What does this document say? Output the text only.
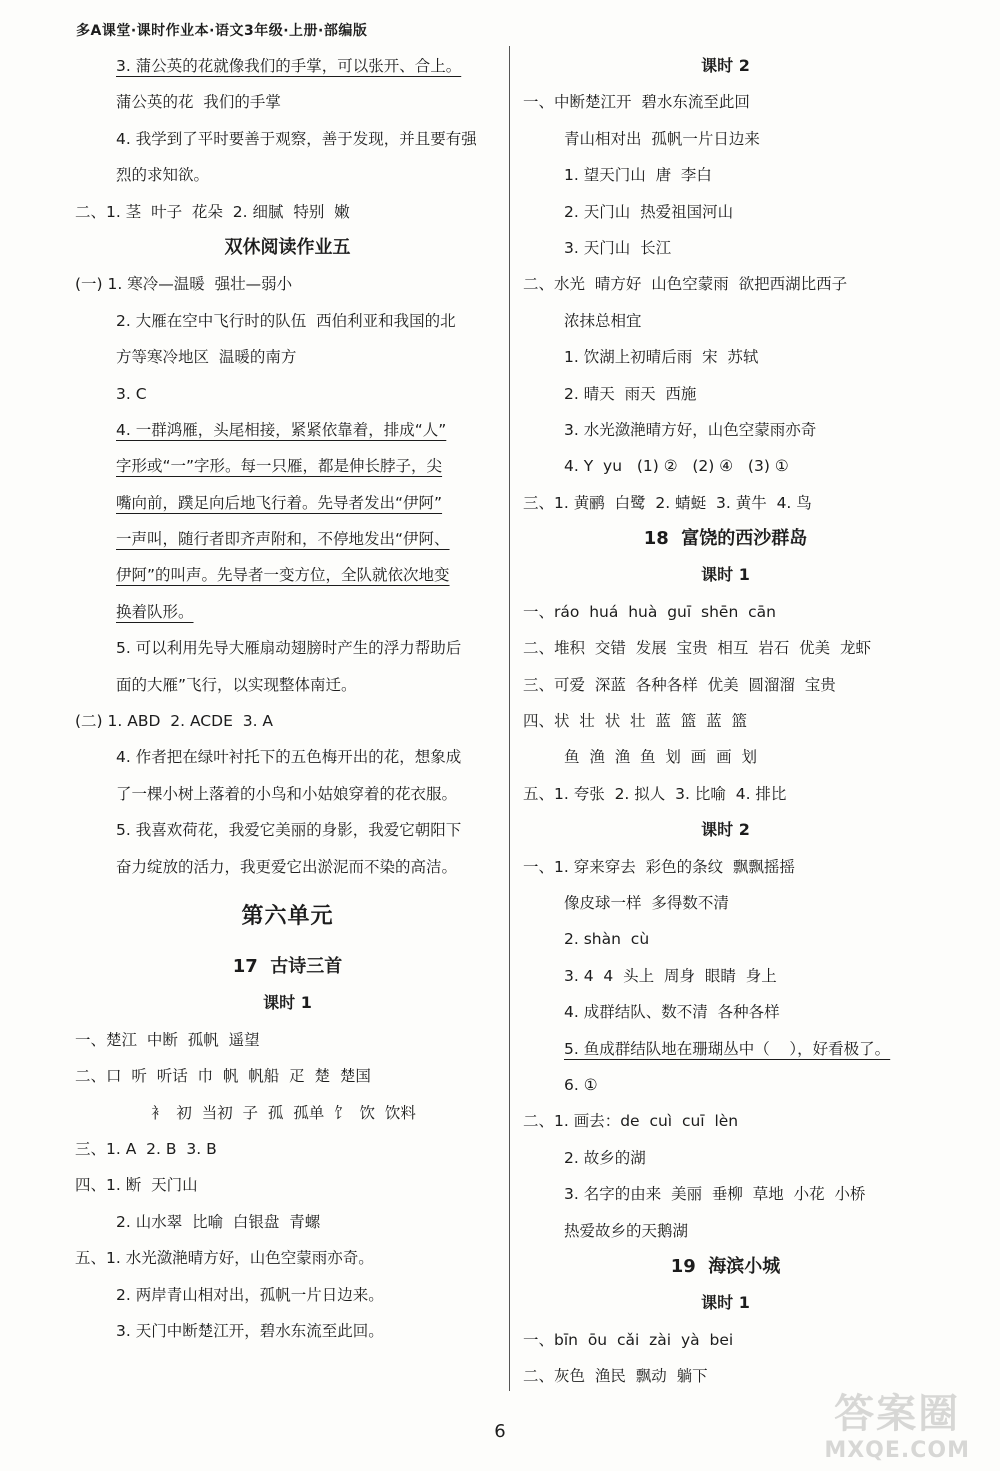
多A课堂·课时作业本·语文3年级·上册·部编版
3. 蒲公英的花就像我们的手掌，可以张开、合上。
蒲公英的花  我们的手掌
4. 我学到了平时要善于观察，善于发现，并且要有强
烈的求知欲。
二、1. 茎  叶子  花朵  2. 细腻  特别  嫩
双休阅读作业五
(一) 1. 寒冷—温暖  强壮—弱小
2. 大雁在空中飞行时的队伍  西伯利亚和我国的北
方等寒冷地区  温暖的南方
3. C
4. 一群鸿雁，头尾相接，紧紧依靠着，排成“人”
字形或“一”字形。每一只雁，都是伸长脖子，尖
嘴向前，蹼足向后地飞行着。先导者发出“伊阿”
一声叫，随行者即齐声附和，不停地发出“伊阿、
伊阿”的叫声。先导者一变方位，全队就依次地变
换着队形。
5. 可以利用先导大雁扇动翅膀时产生的浮力帮助后
面的大雁”飞行，以实现整体南迁。
(二) 1. ABD  2. ACDE  3. A
4. 作者把在绿叶衬托下的五色梅开出的花，想象成
了一棵小树上落着的小鸟和小姑娘穿着的花衣服。
5. 我喜欢荷花，我爱它美丽的身影，我爱它朝阳下
奋力绽放的活力，我更爱它出淤泥而不染的高洁。
第六单元
17  古诗三首
课时 1
一、楚江  中断  孤帆  遥望
二、口  听  听话  巾  帆  帆船  疋  楚  楚国
衤  初  当初  子  孤  孤单  饣  饮  饮料
三、1. A  2. B  3. B
四、1. 断  天门山
2. 山水翠  比喻  白银盘  青螺
五、1. 水光潋滟晴方好，山色空蒙雨亦奇。
2. 两岸青山相对出，孤帆一片日边来。
3. 天门中断楚江开，碧水东流至此回。
课时 2
一、中断楚江开  碧水东流至此回
青山相对出  孤帆一片日边来
1. 望天门山  唐  李白
2. 天门山  热爱祖国河山
3. 天门山  长江
二、水光  晴方好  山色空蒙雨  欲把西湖比西子
浓抹总相宜
1. 饮湖上初晴后雨  宋  苏轼
2. 晴天  雨天  西施
3. 水光潋滟晴方好，山色空蒙雨亦奇
4. Y  yu   (1) ②   (2) ④   (3) ①
三、1. 黄鹂  白鹭  2. 蜻蜓  3. 黄牛  4. 鸟
18  富饶的西沙群岛
课时 1
一、ráo  huá  huà  guī  shēn  cān
二、堆积  交错  发展  宝贵  相互  岩石  优美  龙虾
三、可爱  深蓝  各种各样  优美  圆溜溜  宝贵
四、状  壮  状  壮  蓝  篮  蓝  篮
鱼  渔  渔  鱼  划  画  画  划
五、1. 夸张  2. 拟人  3. 比喻  4. 排比
课时 2
一、1. 穿来穿去  彩色的条纹  飘飘摇摇
像皮球一样  多得数不清
2. shàn  cù
3. 4  4  头上  周身  眼睛  身上
4. 成群结队、数不清  各种各样
5. 鱼成群结队地在珊瑚丛中（    ），好看极了。
6. ①
二、1. 画去：de  cuì  cuī  lèn
2. 故乡的湖
3. 名字的由来  美丽  垂柳  草地  小花  小桥
热爱故乡的天鹅湖
19  海滨小城
课时 1
一、bīn  ōu  cǎi  zài  yà  bei
二、灰色  渔民  飘动  躺下
6	答案圈
MXQE.COM
